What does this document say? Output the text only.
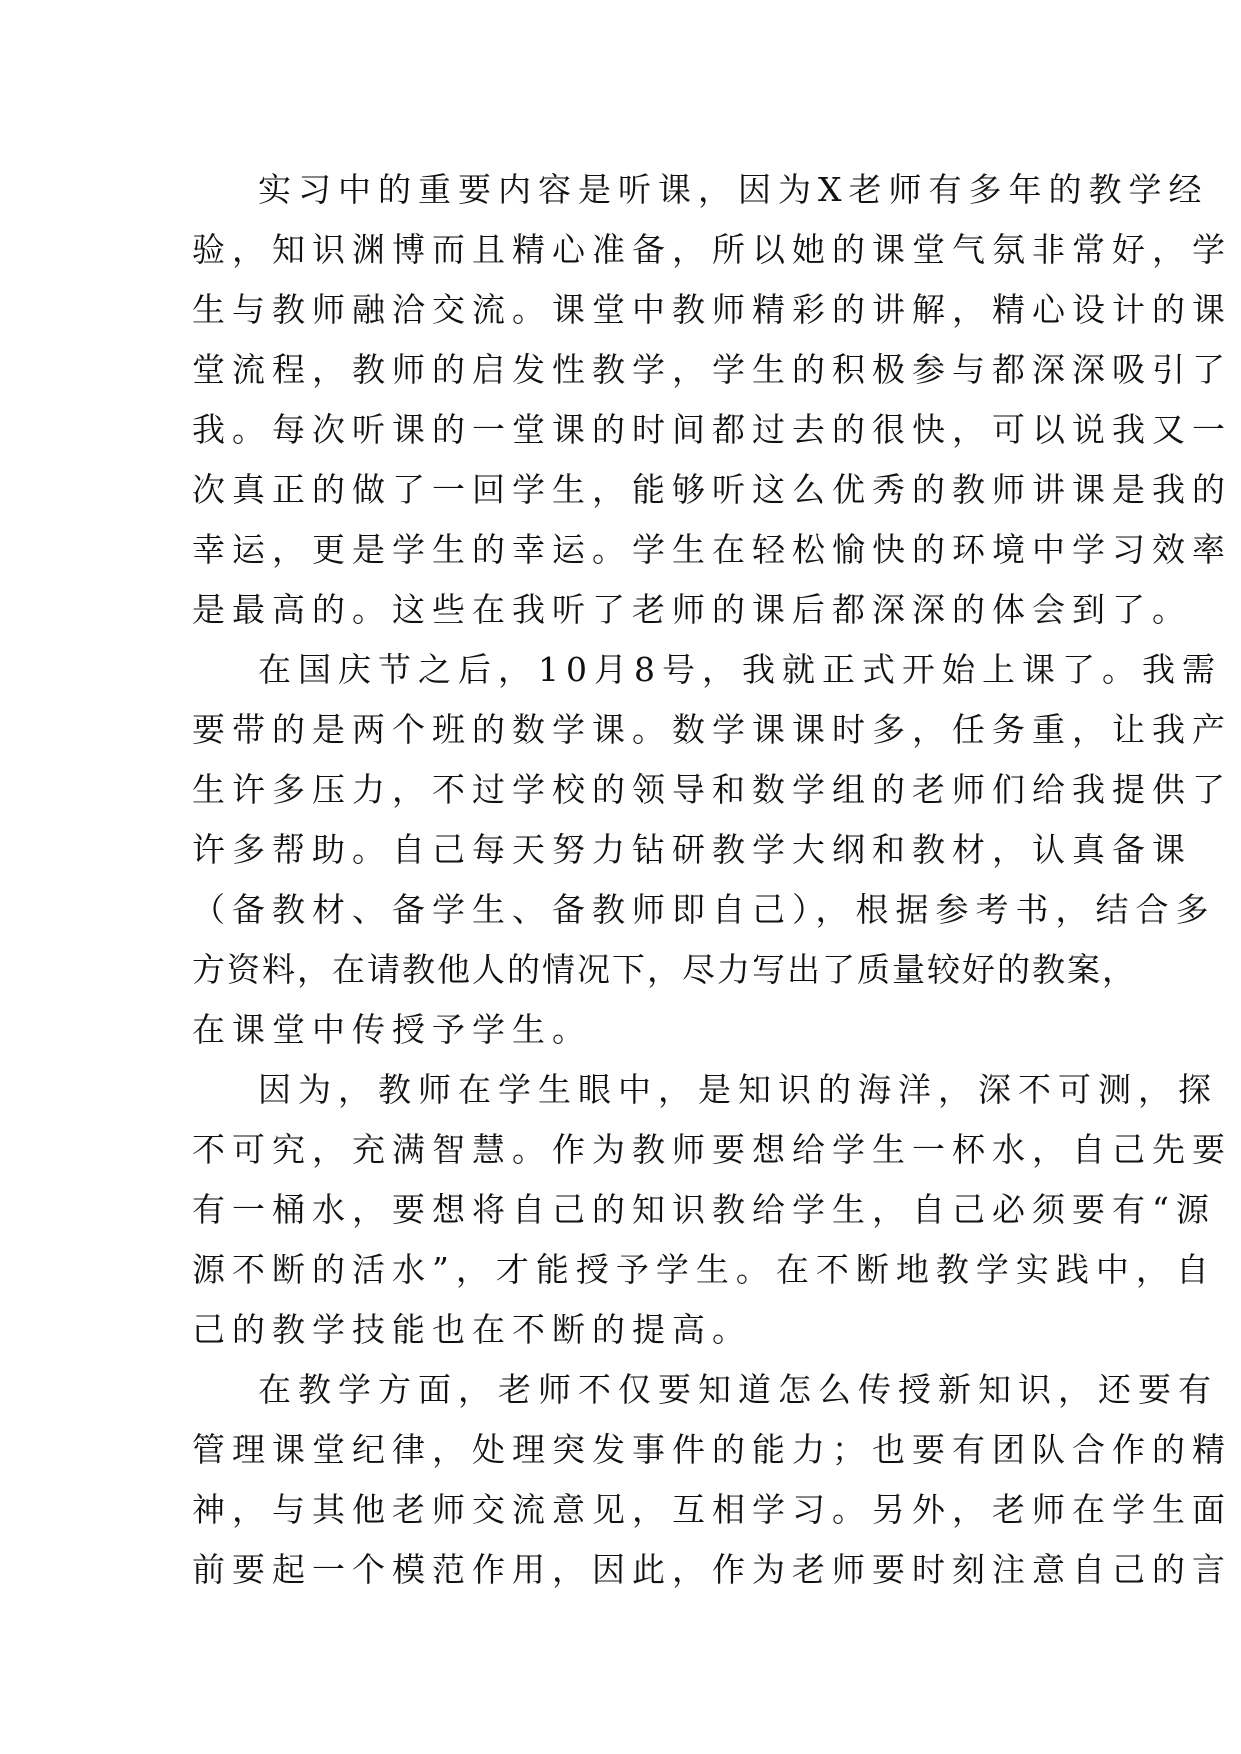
实习中的重要内容是听课，因为X老师有多年的教学经
验，知识渊博而且精心准备，所以她的课堂气氛非常好，学
生与教师融洽交流。课堂中教师精彩的讲解，精心设计的课
堂流程，教师的启发性教学，学生的积极参与都深深吸引了
我。每次听课的一堂课的时间都过去的很快，可以说我又一
次真正的做了一回学生，能够听这么优秀的教师讲课是我的
幸运，更是学生的幸运。学生在轻松愉快的环境中学习效率
是最高的。这些在我听了老师的课后都深深的体会到了。
在国庆节之后，10月8号，我就正式开始上课了。我需
要带的是两个班的数学课。数学课课时多，任务重，让我产
生许多压力，不过学校的领导和数学组的老师们给我提供了
许多帮助。自己每天努力钻研教学大纲和教材，认真备课
（备教材、备学生、备教师即自己），根据参考书，结合多
方资料，在请教他人的情况下，尽力写出了质量较好的教案，
在课堂中传授予学生。
因为，教师在学生眼中，是知识的海洋，深不可测，探
不可究，充满智慧。作为教师要想给学生一杯水，自己先要
有一桶水，要想将自己的知识教给学生，自己必须要有“源
源不断的活水”，才能授予学生。在不断地教学实践中，自
己的教学技能也在不断的提高。
在教学方面，老师不仅要知道怎么传授新知识，还要有
管理课堂纪律，处理突发事件的能力；也要有团队合作的精
神，与其他老师交流意见，互相学习。另外，老师在学生面
前要起一个模范作用，因此，作为老师要时刻注意自己的言
